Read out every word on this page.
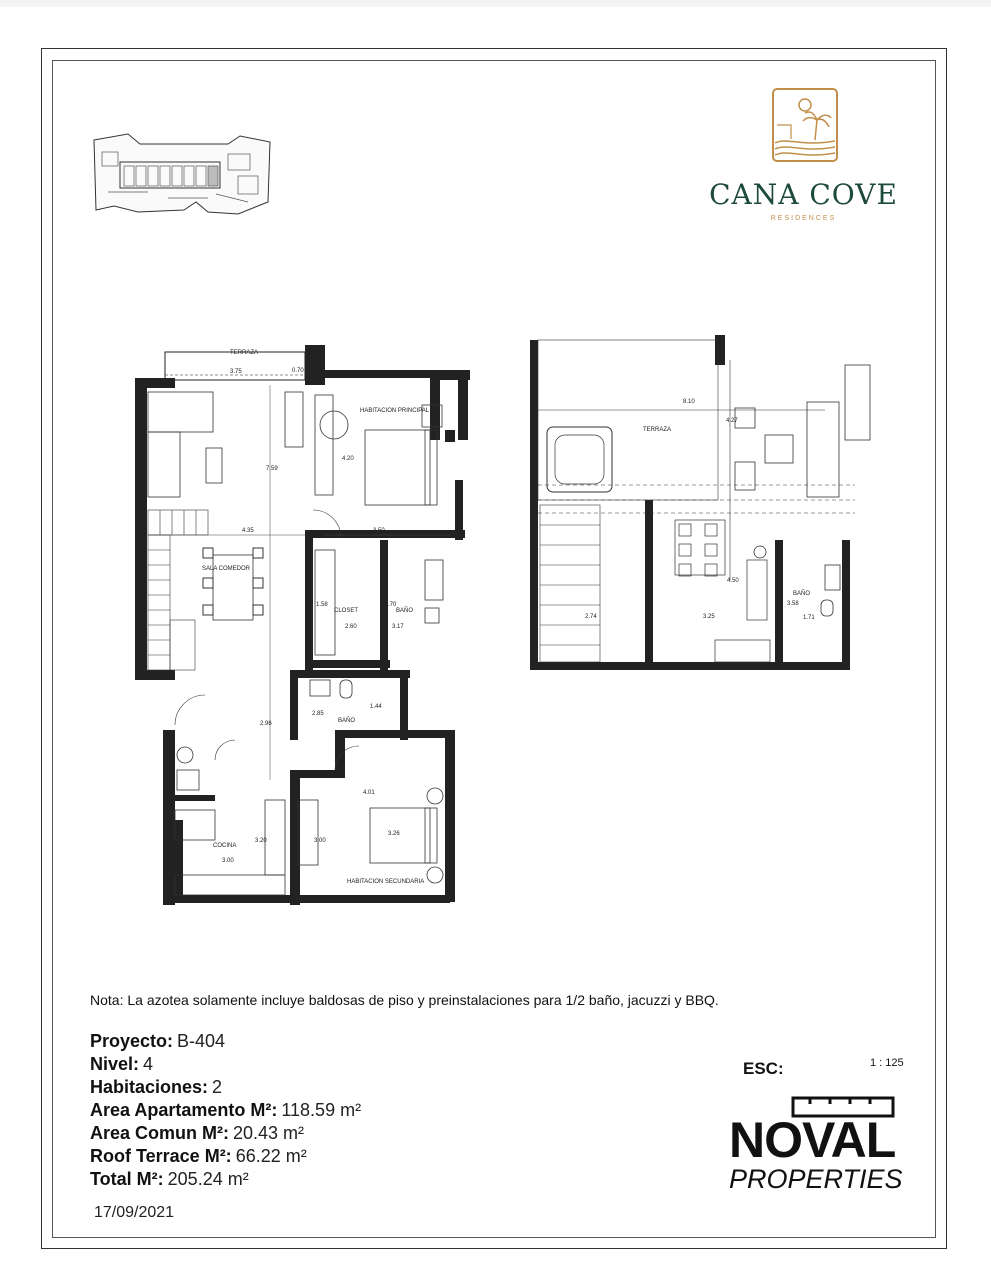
CANA COVE
RESIDENCES
TERRAZA
HABITACION PRINCIPAL
SALA COMEDOR
CLOSET	BAÑO
BAÑO
COCINA
HABITACION SECUNDARIA
3.75	0.70
7.59
4.20
4.35	3.50
1.58
2.60
.70
3.17
2.85
1.44
2.96
4.01
3.26
3.20
3.00
3.00
TERRAZA
BAÑO
8.10
4.27
2.74	3.25
4.50
3.58
1.71
Nota: La azotea solamente incluye baldosas de piso y preinstalaciones para 1/2 baño, jacuzzi y BBQ.
Proyecto: B-404
Nivel: 4
Habitaciones: 2
Area Apartamento M²: 118.59 m²
Area Comun M²: 20.43 m²
Roof Terrace M²: 66.22 m²
Total M²: 205.24 m²
17/09/2021
ESC:	1 : 125
NOVAL
PROPERTIES
